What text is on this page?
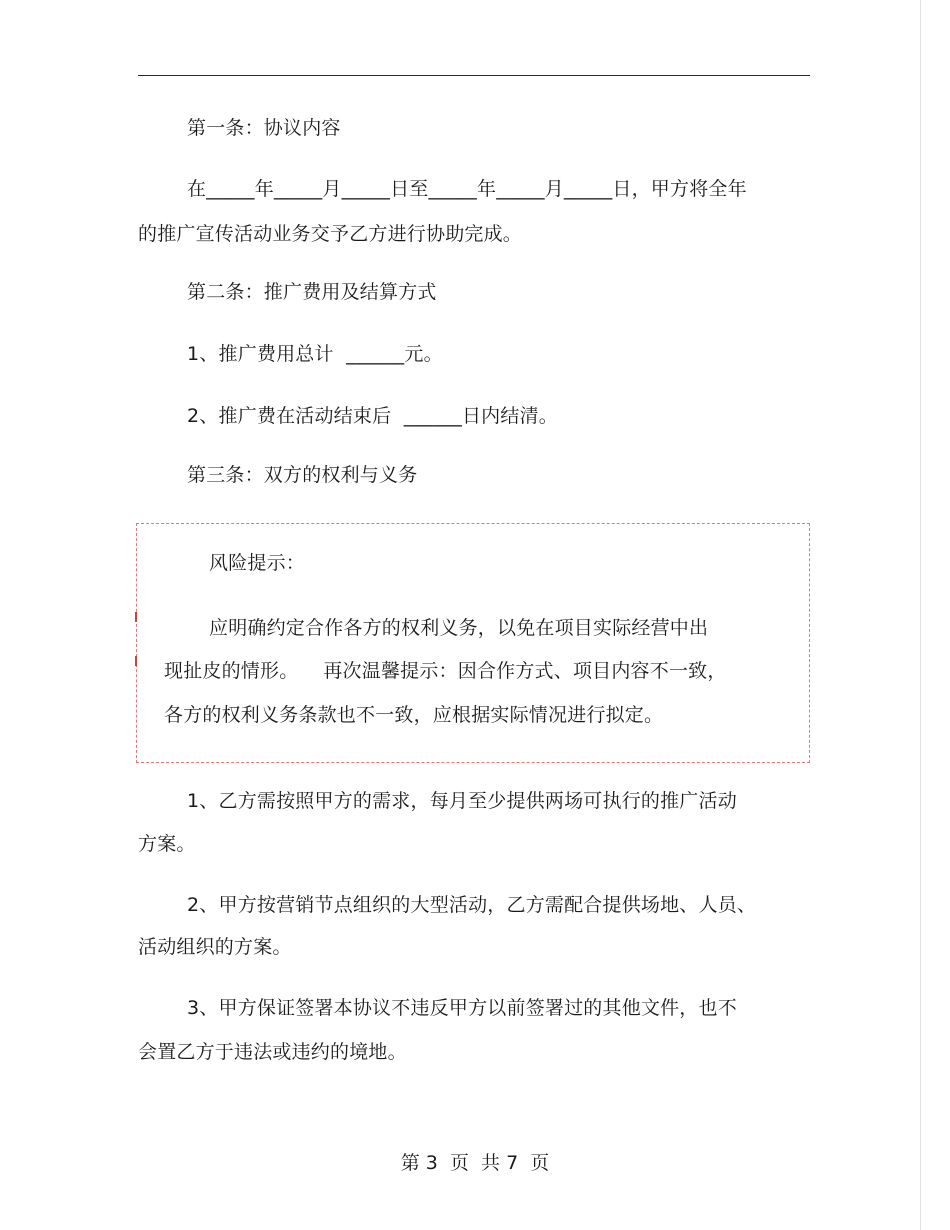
第一条：协议内容
在_____年_____月_____日至_____年_____月_____日，甲方将全年
的推广宣传活动业务交予乙方进行协助完成。
第二条：推广费用及结算方式
1、推广费用总计  ______元。
2、推广费在活动结束后  ______日内结清。
第三条：双方的权利与义务
风险提示：
应明确约定合作各方的权利义务，以免在项目实际经营中出
现扯皮的情形。    再次温馨提示：因合作方式、项目内容不一致，
各方的权利义务条款也不一致，应根据实际情况进行拟定。
1、乙方需按照甲方的需求，每月至少提供两场可执行的推广活动
方案。
2、甲方按营销节点组织的大型活动，乙方需配合提供场地、人员、
活动组织的方案。
3、甲方保证签署本协议不违反甲方以前签署过的其他文件，也不
会置乙方于违法或违约的境地。
第 3  页  共 7  页
